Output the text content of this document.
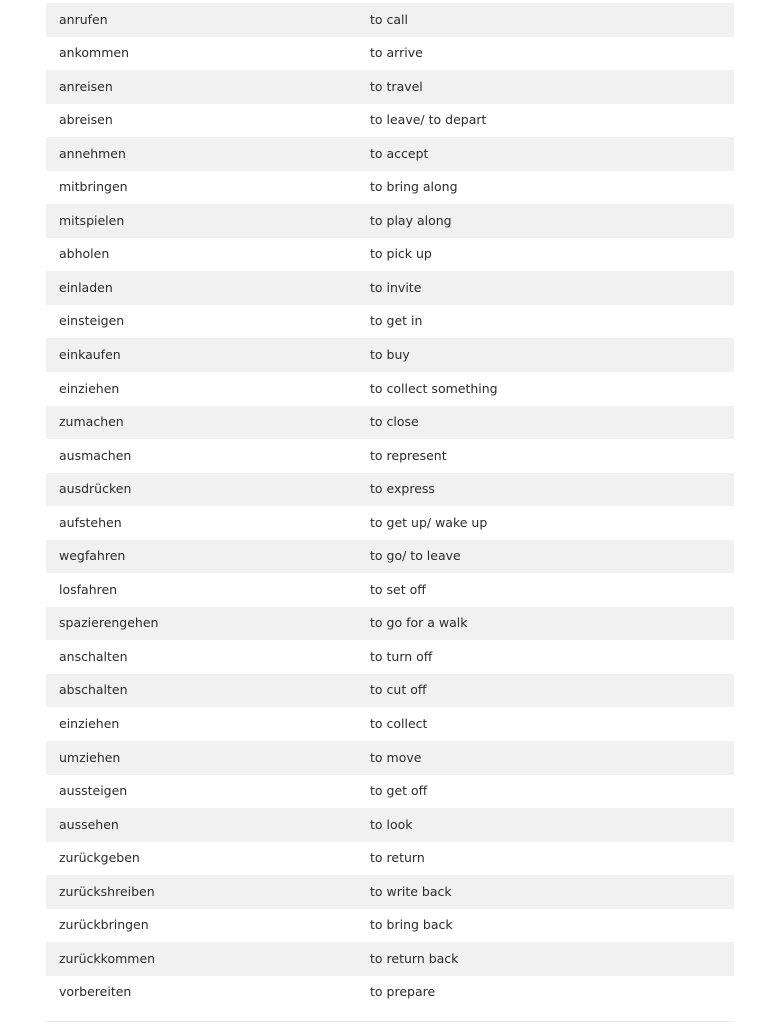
anrufen	to call
ankommen	to arrive
anreisen	to travel
abreisen	to leave/ to depart
annehmen	to accept
mitbringen	to bring along
mitspielen	to play along
abholen	to pick up
einladen	to invite
einsteigen	to get in
einkaufen	to buy
einziehen	to collect something
zumachen	to close
ausmachen	to represent
ausdrücken	to express
aufstehen	to get up/ wake up
wegfahren	to go/ to leave
losfahren	to set off
spazierengehen	to go for a walk
anschalten	to turn off
abschalten	to cut off
einziehen	to collect
umziehen	to move
aussteigen	to get off
aussehen	to look
zurückgeben	to return
zurückshreiben	to write back
zurückbringen	to bring back
zurückkommen	to return back
vorbereiten	to prepare
